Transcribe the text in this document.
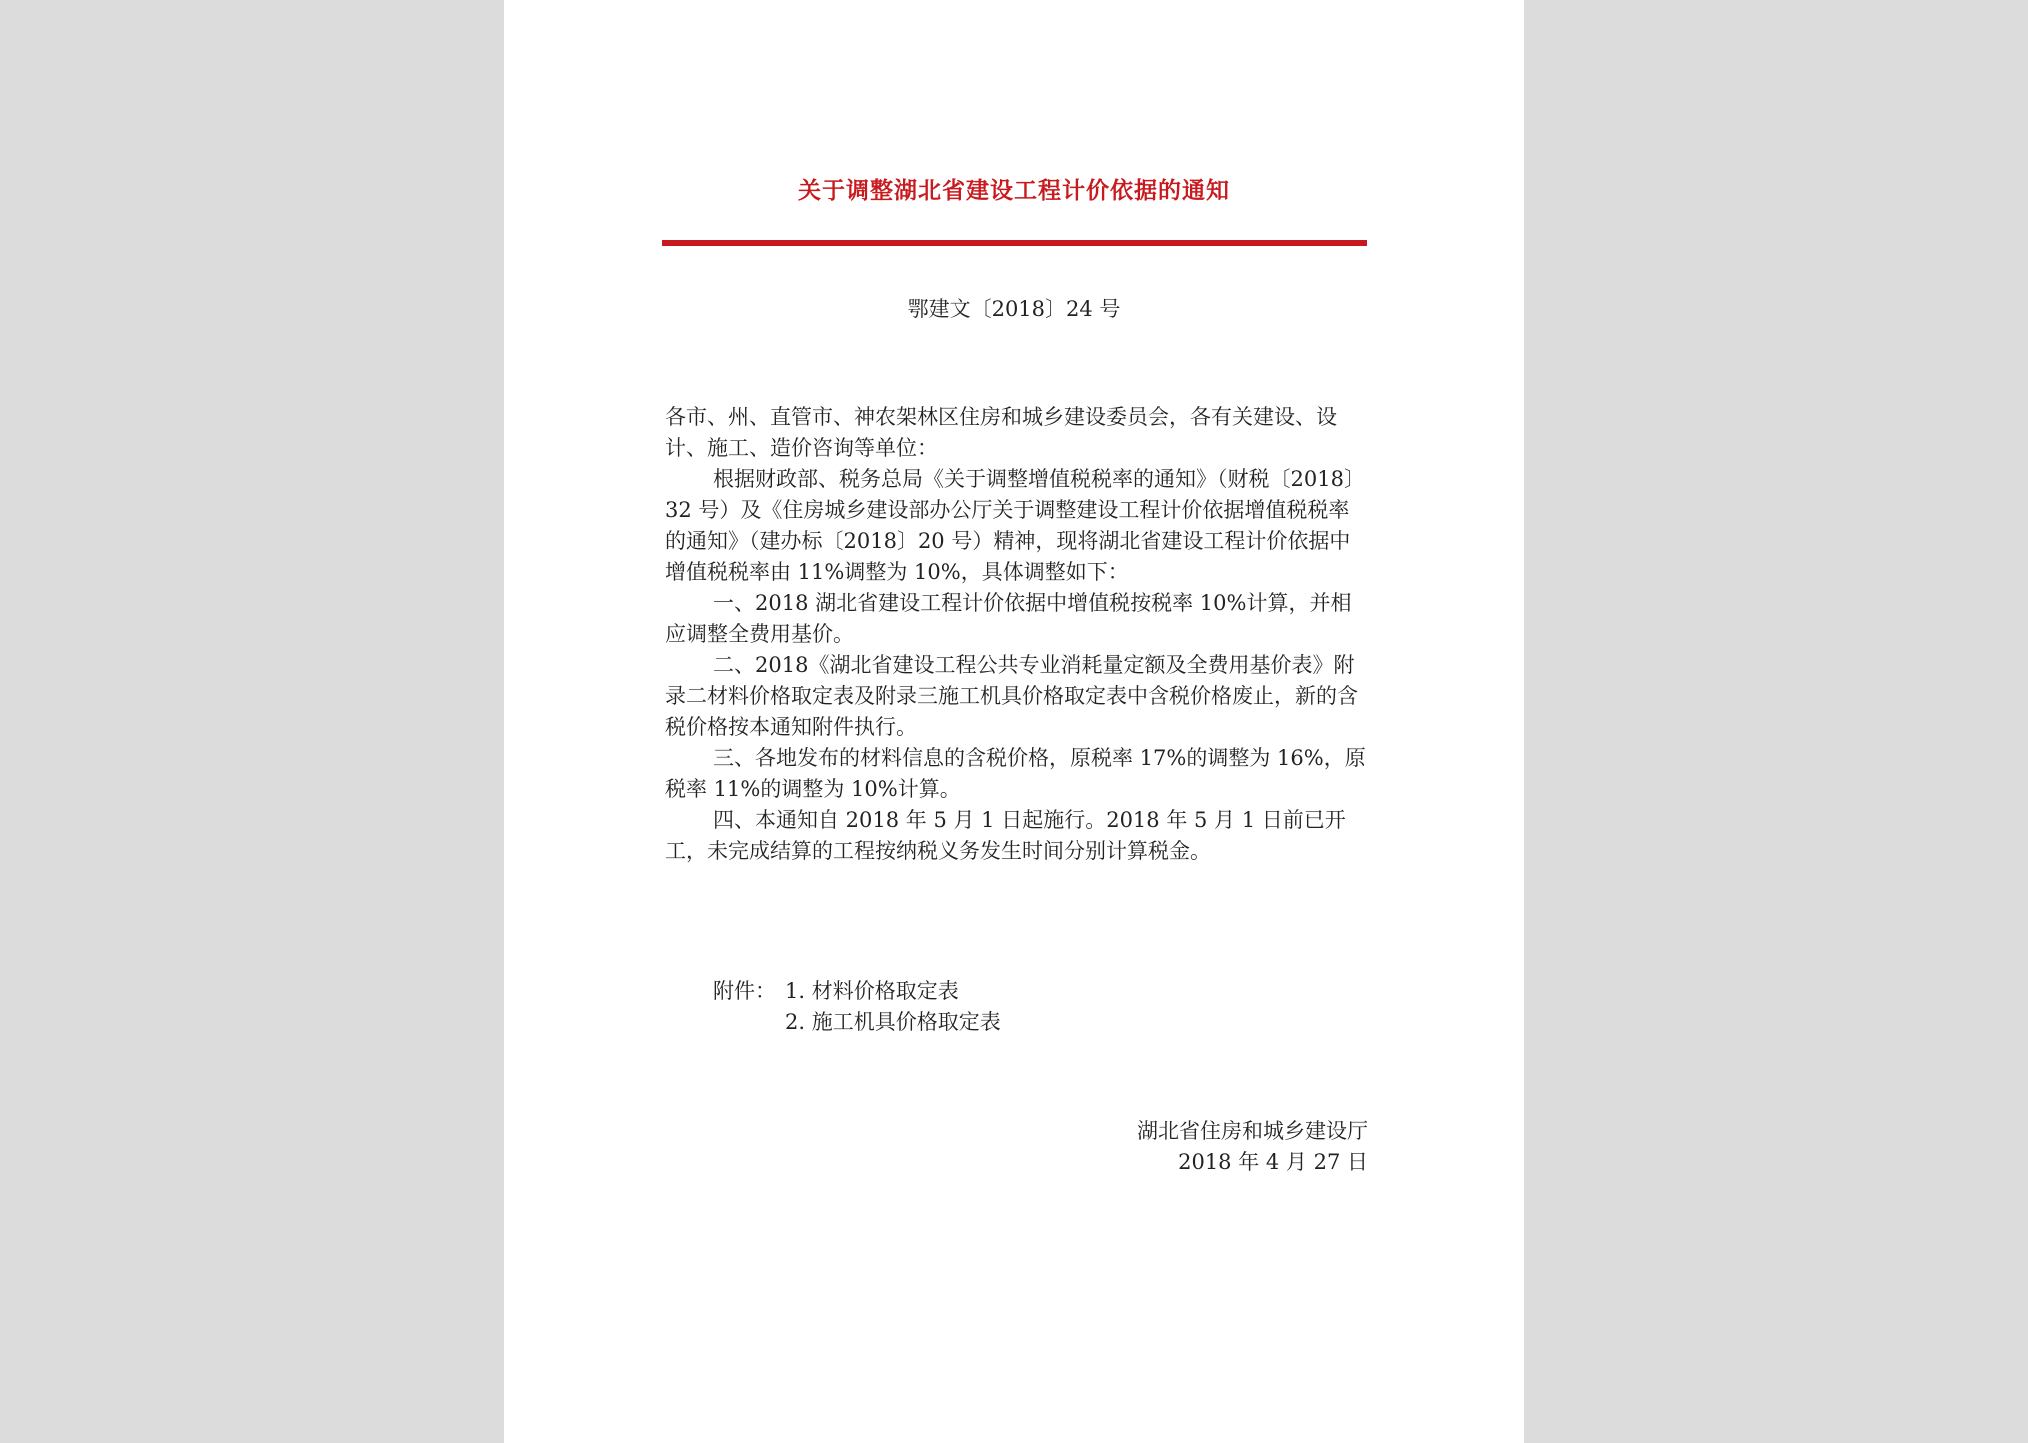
关于调整湖北省建设工程计价依据的通知
鄂建文〔2018〕24 号

各市、州、直管市、神农架林区住房和城乡建设委员会，各有关建设、设计、施工、造价咨询等单位：

根据财政部、税务总局《关于调整增值税税率的通知》（财税〔2018〕32 号）及《住房城乡建设部办公厅关于调整建设工程计价依据增值税税率的通知》（建办标〔2018〕20 号）精神，现将湖北省建设工程计价依据中增值税税率由 11%调整为 10%，具体调整如下：

一、2018 湖北省建设工程计价依据中增值税按税率 10%计算，并相应调整全费用基价。

二、2018《湖北省建设工程公共专业消耗量定额及全费用基价表》附录二材料价格取定表及附录三施工机具价格取定表中含税价格废止，新的含税价格按本通知附件执行。

三、各地发布的材料信息的含税价格，原税率 17%的调整为 16%，原税率 11%的调整为 10%计算。

四、本通知自 2018 年 5 月 1 日起施行。2018 年 5 月 1 日前已开工，未完成结算的工程按纳税义务发生时间分别计算税金。

附件： 1. 材料价格取定表
2. 施工机具价格取定表
湖北省住房和城乡建设厅
2018 年 4 月 27 日
